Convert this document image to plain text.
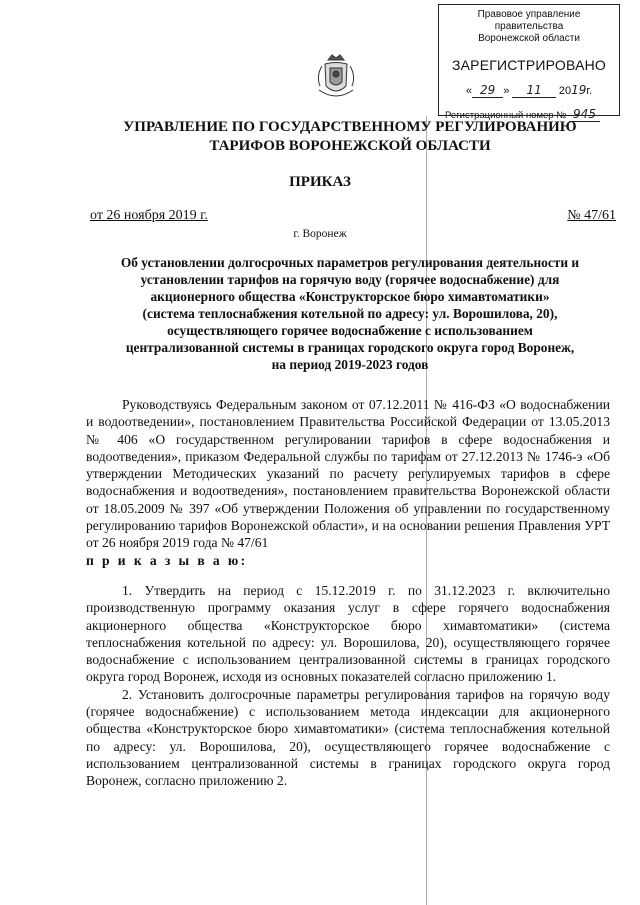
Правовое управление правительства
Воронежской области
ЗАРЕГИСТРИРОВАНО
« 29 » 11 2019г.
Регистрационный номер № 945
УПРАВЛЕНИЕ ПО ГОСУДАРСТВЕННОМУ РЕГУЛИРОВАНИЮ
ТАРИФОВ ВОРОНЕЖСКОЙ ОБЛАСТИ
ПРИКАЗ
от 26 ноября 2019 г.	№ 47/61
г. Воронеж
Об установлении долгосрочных параметров регулирования деятельности и
установлении тарифов на горячую воду (горячее водоснабжение) для
акционерного общества «Конструкторское бюро химавтоматики»
(система теплоснабжения котельной по адресу: ул. Ворошилова, 20),
осуществляющего горячее водоснабжение с использованием
централизованной системы в границах городского округа город Воронеж,
на период 2019-2023 годов

Руководствуясь Федеральным законом от 07.12.2011 № 416-ФЗ «О водоснабжении и водоотведении», постановлением Правительства Российской Федерации от 13.05.2013 № 406 «О государственном регулировании тарифов в сфере водоснабжения и водоотведения», приказом Федеральной службы по тарифам от 27.12.2013 № 1746-э «Об утверждении Методических указаний по расчету регулируемых тарифов в сфере водоснабжения и водоотведения», постановлением правительства Воронежской области от 18.05.2009 № 397 «Об утверждении Положения об управлении по государственному регулированию тарифов Воронежской области», и на основании решения Правления УРТ от 26 ноября 2019 года № 47/61

п р и к а з ы в а ю:

1. Утвердить на период с 15.12.2019 г. по 31.12.2023 г. включительно производственную программу оказания услуг в сфере горячего водоснабжения акционерного общества «Конструкторское бюро химавтоматики» (система теплоснабжения котельной по адресу: ул. Ворошилова, 20), осуществляющего горячее водоснабжение с использованием централизованной системы в границах городского округа город Воронеж, исходя из основных показателей согласно приложению 1.

2. Установить долгосрочные параметры регулирования тарифов на горячую воду (горячее водоснабжение) с использованием метода индексации для акционерного общества «Конструкторское бюро химавтоматики» (система теплоснабжения котельной по адресу: ул. Ворошилова, 20), осуществляющего горячее водоснабжение с использованием централизованной системы в границах городского округа город Воронеж, согласно приложению 2.
